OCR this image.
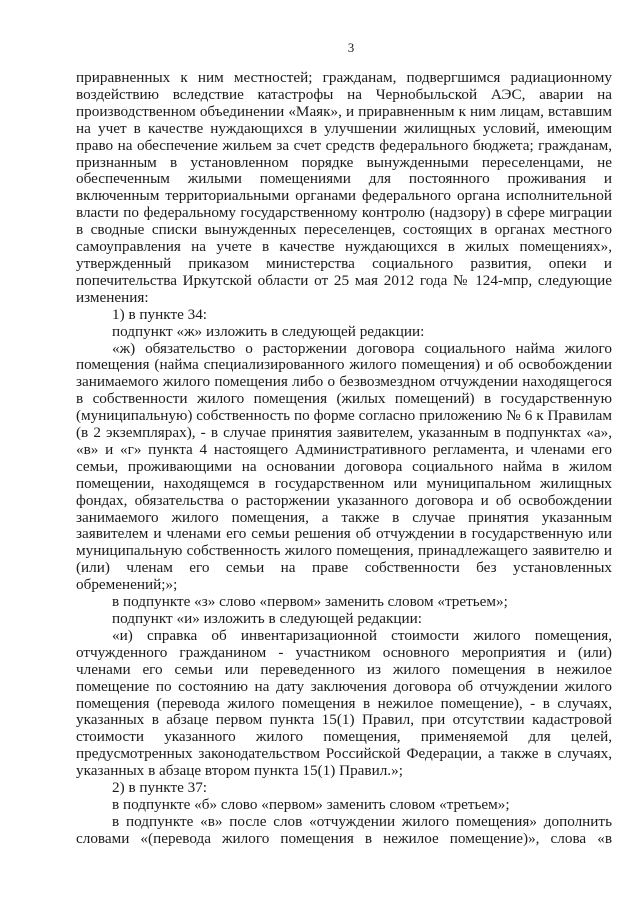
3

приравненных к ним местностей; гражданам, подвергшимся радиационному воздействию вследствие катастрофы на Чернобыльской АЭС, аварии на производственном объединении «Маяк», и приравненным к ним лицам, вставшим на учет в качестве нуждающихся в улучшении жилищных условий, имеющим право на обеспечение жильем за счет средств федерального бюджета; гражданам, признанным в установленном порядке вынужденными переселенцами, не обеспеченным жилыми помещениями для постоянного проживания и включенным территориальными органами федерального органа исполнительной власти по федеральному государственному контролю (надзору) в сфере миграции в сводные списки вынужденных переселенцев, состоящих в органах местного самоуправления на учете в качестве нуждающихся в жилых помещениях», утвержденный приказом министерства социального развития, опеки и попечительства Иркутской области от 25 мая 2012 года № 124-мпр, следующие изменения:

1) в пункте 34:

подпункт «ж» изложить в следующей редакции:

«ж) обязательство о расторжении договора социального найма жилого помещения (найма специализированного жилого помещения) и об освобождении занимаемого жилого помещения либо о безвозмездном отчуждении находящегося в собственности жилого помещения (жилых помещений) в государственную (муниципальную) собственность по форме согласно приложению № 6 к Правилам (в 2 экземплярах), - в случае принятия заявителем, указанным в подпунктах «а», «в» и «г» пункта 4 настоящего Административного регламента, и членами его семьи, проживающими на основании договора социального найма в жилом помещении, находящемся в государственном или муниципальном жилищных фондах, обязательства о расторжении указанного договора и об освобождении занимаемого жилого помещения, а также в случае принятия указанным заявителем и членами его семьи решения об отчуждении в государственную или муниципальную собственность жилого помещения, принадлежащего заявителю и (или) членам его семьи на праве собственности без установленных обременений;»;

в подпункте «з» слово «первом» заменить словом «третьем»;

подпункт «и» изложить в следующей редакции:

«и) справка об инвентаризационной стоимости жилого помещения, отчужденного гражданином - участником основного мероприятия и (или) членами его семьи или переведенного из жилого помещения в нежилое помещение по состоянию на дату заключения договора об отчуждении жилого помещения (перевода жилого помещения в нежилое помещение), - в случаях, указанных в абзаце первом пункта 15(1) Правил, при отсутствии кадастровой стоимости указанного жилого помещения, применяемой для целей, предусмотренных законодательством Российской Федерации, а также в случаях, указанных в абзаце втором пункта 15(1) Правил.»;

2) в пункте 37:

в подпункте «б» слово «первом» заменить словом «третьем»;

в подпункте «в» после слов «отчуждении жилого помещения» дополнить словами «(перевода жилого помещения в нежилое помещение)», слова «в
